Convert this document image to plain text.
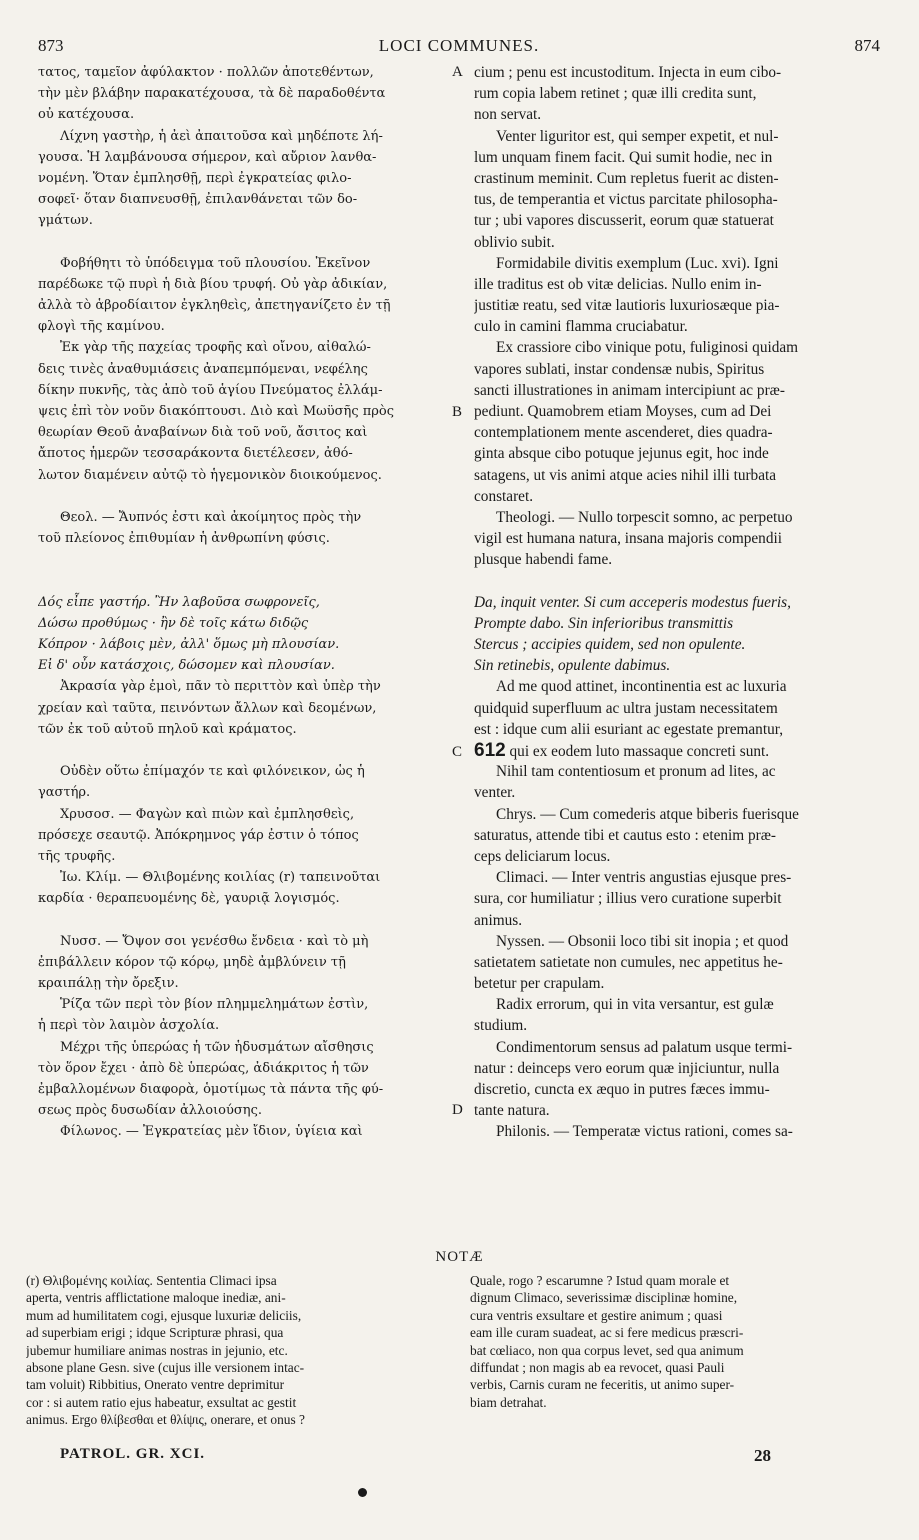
873	LOCI COMMUNES.	874
τατος, ταμεῖον ἀφύλακτον · πολλῶν ἀποτεθέντων,
τὴν μὲν βλάβην παρακατέχουσα, τὰ δὲ παραδοθέντα
οὐ κατέχουσα.
Λίχνη γαστὴρ, ἡ ἀεὶ ἀπαιτοῦσα καὶ μηδέποτε λή-
γουσα. Ἡ λαμβάνουσα σήμερον, καὶ αὔριον λανθα-
νομένη. Ὅταν ἐμπλησθῇ, περὶ ἐγκρατείας φιλο-
σοφεῖ· ὅταν διαπνευσθῇ, ἐπιλανθάνεται τῶν δο-
γμάτων.
Φοβήθητι τὸ ὑπόδειγμα τοῦ πλουσίου. Ἐκεῖνον
παρέδωκε τῷ πυρὶ ἡ διὰ βίου τρυφή. Οὐ γὰρ ἀδικίαν,
ἀλλὰ τὸ ἁβροδίαιτον ἐγκληθεὶς, ἀπετηγανίζετο ἐν τῇ
φλογὶ τῆς καμίνου.
Ἐκ γὰρ τῆς παχείας τροφῆς καὶ οἴνου, αἰθαλώ-
δεις τινὲς ἀναθυμιάσεις ἀναπεμπόμεναι, νεφέλης
δίκην πυκνῆς, τὰς ἀπὸ τοῦ ἁγίου Πνεύματος ἐλλάμ-
ψεις ἐπὶ τὸν νοῦν διακόπτουσι. Διὸ καὶ Μωϋσῆς πρὸς
θεωρίαν Θεοῦ ἀναβαίνων διὰ τοῦ νοῦ, ἄσιτος καὶ
ἄποτος ἡμερῶν τεσσαράκοντα διετέλεσεν, ἀθό-
λωτον διαμένειν αὐτῷ τὸ ἡγεμονικὸν διοικούμενος.
Θεολ. — Ἄυπνός ἐστι καὶ ἀκοίμητος πρὸς τὴν
τοῦ πλείονος ἐπιθυμίαν ἡ ἀνθρωπίνη φύσις.
Δός εἶπε γαστήρ. Ἢν λαβοῦσα σωφρονεῖς,
Δώσω προθύμως · ἢν δὲ τοῖς κάτω διδῷς
Κόπρον · λάβοις μὲν, ἀλλ' ὅμως μὴ πλουσίαν.
Εἰ δ' οὖν κατάσχοις, δώσομεν καὶ πλουσίαν.
Ἀκρασία γὰρ ἐμοὶ, πᾶν τὸ περιττὸν καὶ ὑπὲρ τὴν
χρείαν καὶ ταῦτα, πεινόντων ἄλλων καὶ δεομένων,
τῶν ἐκ τοῦ αὐτοῦ πηλοῦ καὶ κράματος.
Οὐδὲν οὕτω ἐπίμαχόν τε καὶ φιλόνεικον, ὡς ἡ
γαστήρ.
Χρυσοσ. — Φαγὼν καὶ πιὼν καὶ ἐμπλησθεὶς,
πρόσεχε σεαυτῷ. Ἀπόκρημνος γάρ ἐστιν ὁ τόπος
τῆς τρυφῆς.
Ἰω. Κλίμ. — Θλιβομένης κοιλίας (r) ταπεινοῦται
καρδία · θεραπευομένης δὲ, γαυριᾷ λογισμός.
Νυσσ. — Ὄψον σοι γενέσθω ἔνδεια · καὶ τὸ μὴ
ἐπιβάλλειν κόρον τῷ κόρῳ, μηδὲ ἀμβλύνειν τῇ
κραιπάλῃ τὴν ὄρεξιν.
Ῥίζα τῶν περὶ τὸν βίον πλημμελημάτων ἐστὶν,
ἡ περὶ τὸν λαιμὸν ἀσχολία.
Μέχρι τῆς ὑπερώας ἡ τῶν ἡδυσμάτων αἴσθησις
τὸν ὅρον ἔχει · ἀπὸ δὲ ὑπερώας, ἀδιάκριτος ἡ τῶν
ἐμβαλλομένων διαφορὰ, ὁμοτίμως τὰ πάντα τῆς φύ-
σεως πρὸς δυσωδίαν ἀλλοιούσης.
Φίλωνος. — Ἐγκρατείας μὲν ἴδιον, ὑγίεια καὶ
cium ; penu est incustoditum. Injecta in eum cibo-
rum copia labem retinet ; quæ illi credita sunt,
non servat.
Venter liguritor est, qui semper expetit, et nul-
lum unquam finem facit. Qui sumit hodie, nec in
crastinum meminit. Cum repletus fuerit ac disten-
tus, de temperantia et victus parcitate philosopha-
tur ; ubi vapores discusserit, eorum quæ statuerat
oblivio subit.
Formidabile divitis exemplum (Luc. xvi). Igni
ille traditus est ob vitæ delicias. Nullo enim in-
justitiæ reatu, sed vitæ lautioris luxuriosæque pia-
culo in camini flamma cruciabatur.
Ex crassiore cibo vinique potu, fuliginosi quidam
vapores sublati, instar condensæ nubis, Spiritus
sancti illustrationes in animam intercipiunt ac præ-
pediunt. Quamobrem etiam Moyses, cum ad Dei
contemplationem mente ascenderet, dies quadra-
ginta absque cibo potuque jejunus egit, hoc inde
satagens, ut vis animi atque acies nihil illi turbata
constaret.
Theologi. — Nullo torpescit somno, ac perpetuo
vigil est humana natura, insana majoris compendii
plusque habendi fame.
Da, inquit venter. Si cum acceperis modestus fueris,
Prompte dabo. Sin inferioribus transmittis
Stercus ; accipies quidem, sed non opulente.
Sin retinebis, opulente dabimus.
Ad me quod attinet, incontinentia est ac luxuria
quidquid superfluum ac ultra justam necessitatem
est : idque cum alii esuriant ac egestate premantur,
612 qui ex eodem luto massaque concreti sunt.
Nihil tam contentiosum et pronum ad lites, ac
venter.
Chrys. — Cum comederis atque biberis fuerisque
saturatus, attende tibi et cautus esto : etenim præ-
ceps deliciarum locus.
Climaci. — Inter ventris angustias ejusque pres-
sura, cor humiliatur ; illius vero curatione superbit
animus.
Nyssen. — Obsonii loco tibi sit inopia ; et quod
satietatem satietate non cumules, nec appetitus he-
betetur per crapulam.
Radix errorum, qui in vita versantur, est gulæ
studium.
Condimentorum sensus ad palatum usque termi-
natur : deinceps vero eorum quæ injiciuntur, nulla
discretio, cuncta ex æquo in putres fæces immu-
tante natura.
Philonis. — Temperatæ victus rationi, comes sa-
A
B
C
D
NOTÆ
(r) Θλιβομένης κοιλίας. Sententia Climaci ipsa
aperta, ventris afflictatione maloque inediæ, ani-
mum ad humilitatem cogi, ejusque luxuriæ deliciis,
ad superbiam erigi ; idque Scripturæ phrasi, qua
jubemur humiliare animas nostras in jejunio, etc.
absone plane Gesn. sive (cujus ille versionem intac-
tam voluit) Ribbitius, Onerato ventre deprimitur
cor : si autem ratio ejus habeatur, exsultat ac gestit
animus. Ergo θλίβεσθαι et θλίψις, onerare, et onus ?
Quale, rogo ? escarumne ? Istud quam morale et
dignum Climaco, severissimæ disciplinæ homine,
cura ventris exsultare et gestire animum ; quasi
eam ille curam suadeat, ac si fere medicus præscri-
bat cœliaco, non qua corpus levet, sed qua animum
diffundat ; non magis ab ea revocet, quasi Pauli
verbis, Carnis curam ne feceritis, ut animo super-
biam detrahat.
PATROL. GR. XCI.	28
